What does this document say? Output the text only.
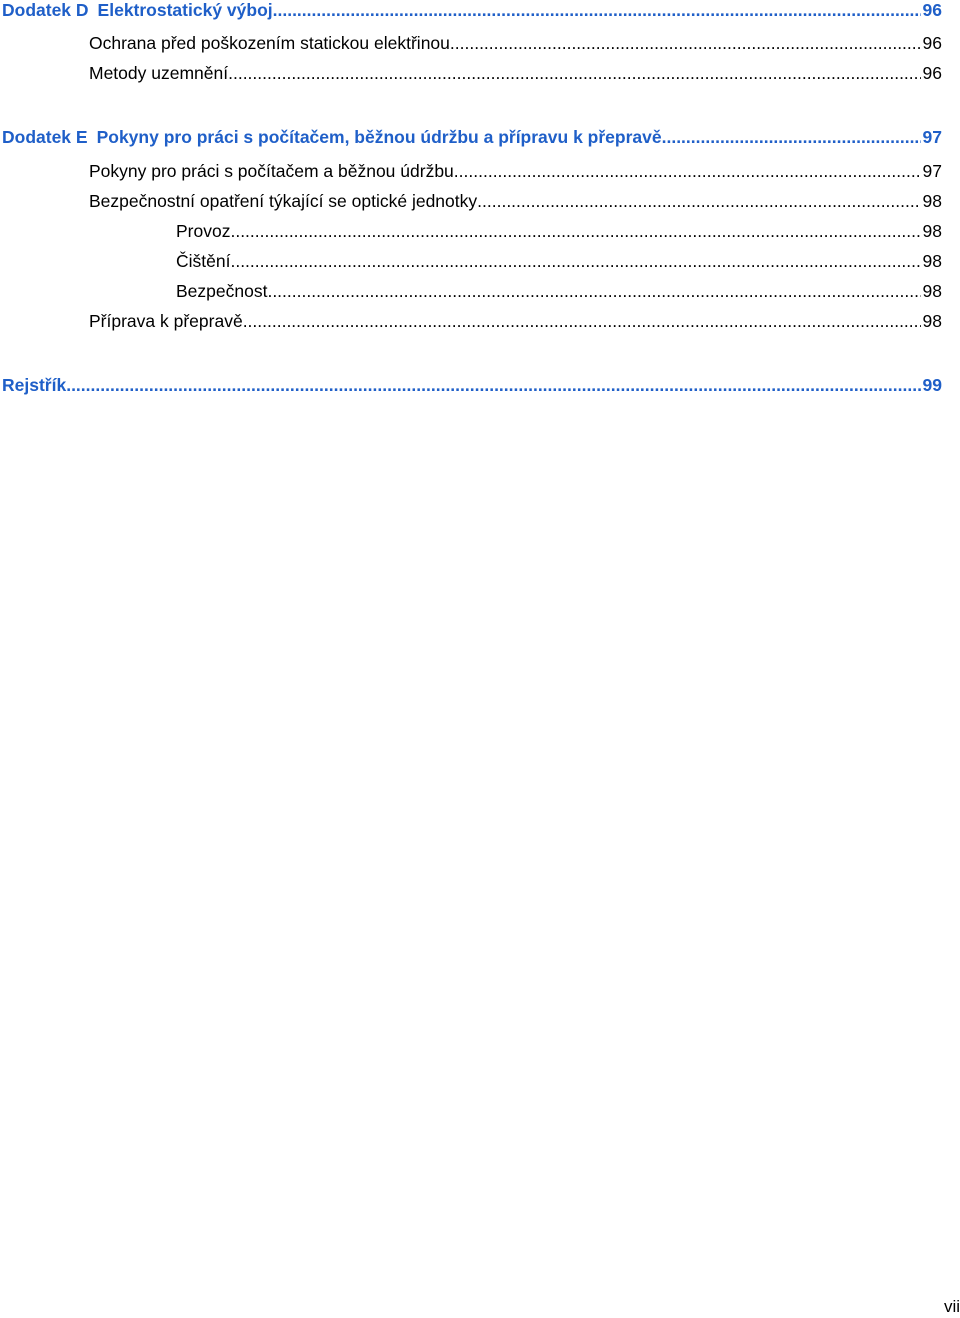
Dodatek D Elektrostatický výboj .....	96
Ochrana před poškozením statickou elektřinou .....	96
Metody uzemnění .....	96
Dodatek E Pokyny pro práci s počítačem, běžnou údržbu a přípravu k přepravě .....	97
Pokyny pro práci s počítačem a běžnou údržbu .....	97
Bezpečnostní opatření týkající se optické jednotky .....	98
Provoz .....	98
Čištění .....	98
Bezpečnost .....	98
Příprava k přepravě .....	98
Rejstřík .....	99
vii
